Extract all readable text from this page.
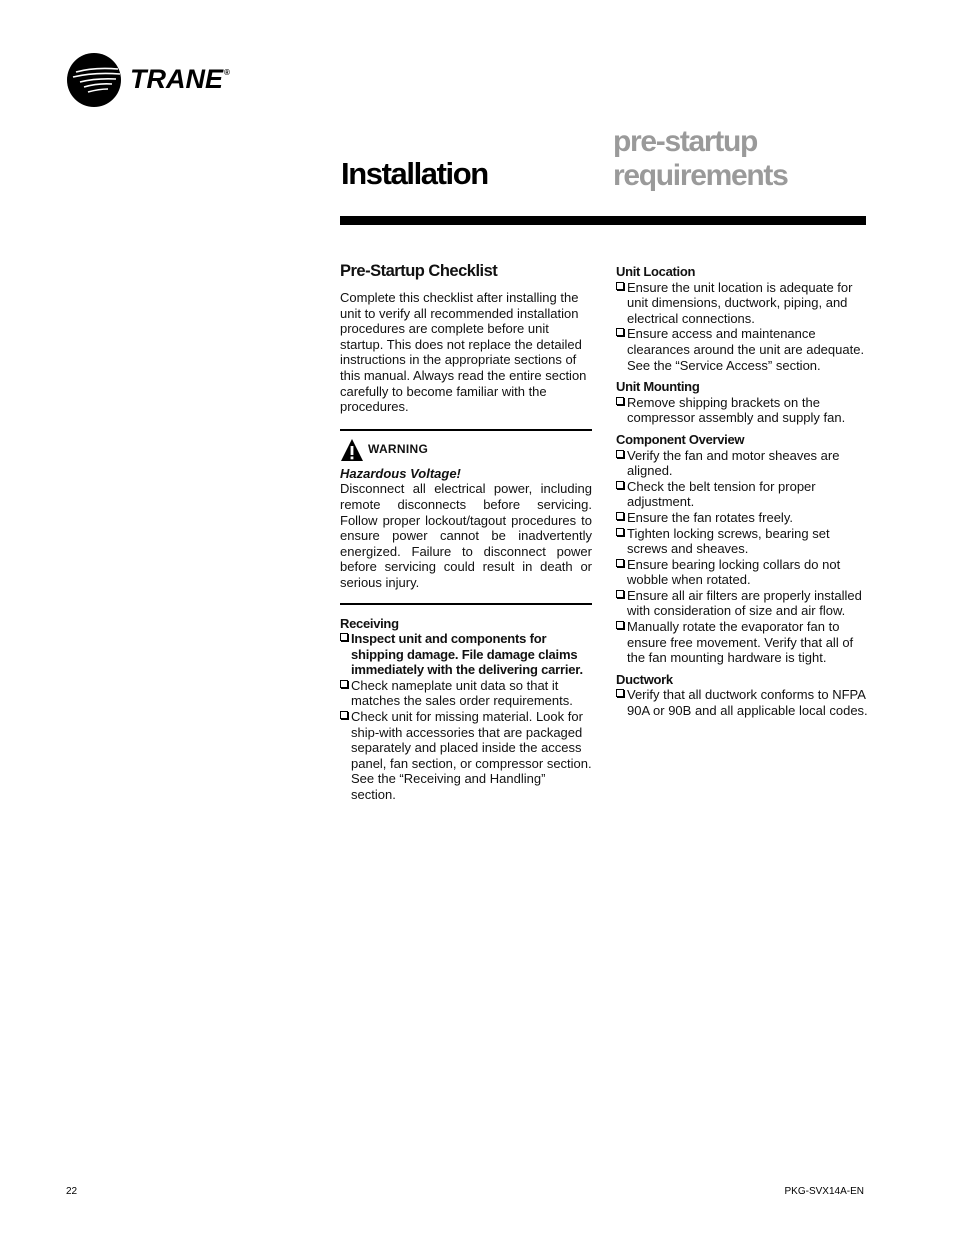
TRANE ®
Installation
pre-startup
requirements
Pre-Startup Checklist

Complete this checklist after installing the unit to verify all recommended installation procedures are complete before unit startup. This does not replace the detailed instructions in the appropriate sections of this manual. Always read the entire section carefully to become familiar with the procedures.

WARNING

Hazardous Voltage!

Disconnect all electrical power, including remote disconnects before servicing. Follow proper lockout/tagout procedures to ensure power cannot be inadvertently energized. Failure to disconnect power before servicing could result in death or serious injury.

Receiving

Inspect unit and components for shipping damage. File damage claims immediately with the delivering carrier.
Check nameplate unit data so that it matches the sales order requirements.
Check unit for missing material. Look for ship-with accessories that are packaged separately and placed inside the access panel, fan section, or compressor section. See the “Receiving and Handling” section.

Unit Location

Ensure the unit location is adequate for unit dimensions, ductwork, piping, and electrical connections.
Ensure access and maintenance clearances around the unit are adequate. See the “Service Access” section.

Unit Mounting

Remove shipping brackets on the compressor assembly and supply fan.

Component Overview

Verify the fan and motor sheaves are aligned.
Check the belt tension for proper adjustment.
Ensure the fan rotates freely.
Tighten locking screws, bearing set screws and sheaves.
Ensure bearing locking collars do not wobble when rotated.
Ensure all air filters are properly installed with consideration of size and air flow.
Manually rotate the evaporator fan to ensure free movement. Verify that all of the fan mounting hardware is tight.

Ductwork

Verify that all ductwork conforms to NFPA 90A or 90B and all applicable local codes.
22	PKG-SVX14A-EN
